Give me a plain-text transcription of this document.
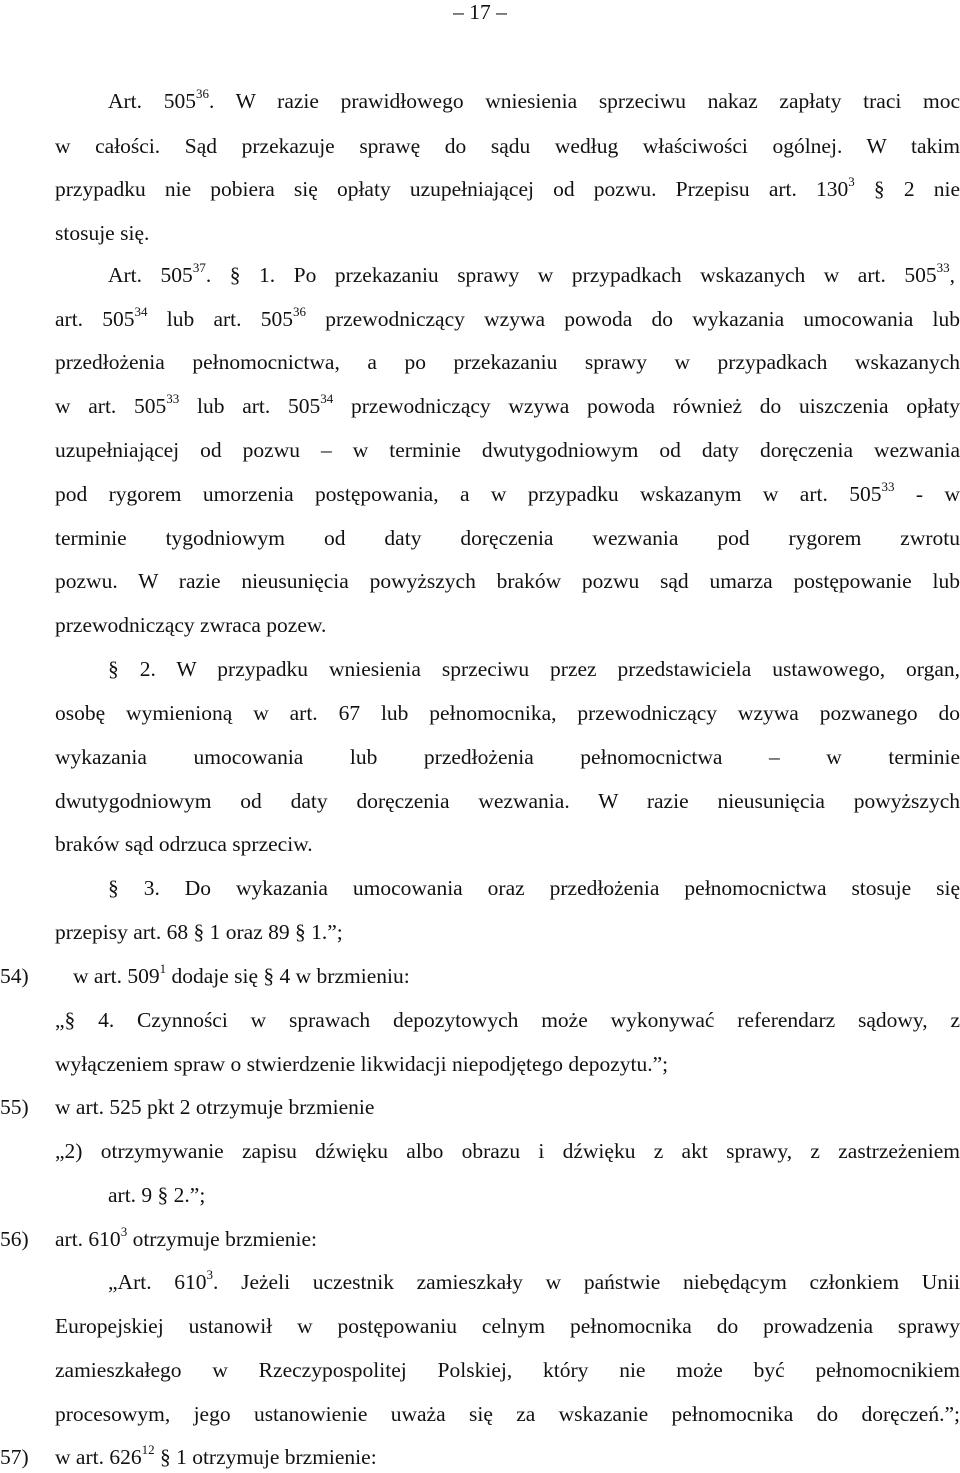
– 17 –
54)
55)
56)
57)
Art. $505^{36}$. W razie prawidłowego wniesienia sprzeciwu nakaz zapłaty traci moc
w całości. Sąd przekazuje sprawę do sądu według właściwości ogólnej. W takim
przypadku nie pobiera się opłaty uzupełniającej od pozwu. Przepisu art. $130^3$ § 2 nie
stosuje się.
Art. $505^{37}$. § 1. Po przekazaniu sprawy w przypadkach wskazanych w art. $505^{33}$,
art. $505^{34}$ lub art. $505^{36}$ przewodniczący wzywa powoda do wykazania umocowania lub
przedłożenia pełnomocnictwa, a po przekazaniu sprawy w przypadkach wskazanych
w art. $505^{33}$ lub art. $505^{34}$ przewodniczący wzywa powoda również do uiszczenia opłaty
uzupełniającej od pozwu – w terminie dwutygodniowym od daty doręczenia wezwania
pod rygorem umorzenia postępowania, a w przypadku wskazanym w art. $505^{33}$ - w
terminie tygodniowym od daty doręczenia wezwania pod rygorem zwrotu
pozwu. W razie nieusunięcia powyższych braków pozwu sąd umarza postępowanie lub
przewodniczący zwraca pozew.
§ 2. W przypadku wniesienia sprzeciwu przez przedstawiciela ustawowego, organ,
osobę wymienioną w art. 67 lub pełnomocnika, przewodniczący wzywa pozwanego do
wykazania umocowania lub przedłożenia pełnomocnictwa – w terminie
dwutygodniowym od daty doręczenia wezwania. W razie nieusunięcia powyższych
braków sąd odrzuca sprzeciw.
§ 3. Do wykazania umocowania oraz przedłożenia pełnomocnictwa stosuje się
przepisy art. 68 § 1 oraz 89 § 1.”;
w art. $509^1$ dodaje się § 4 w brzmieniu:
„§ 4. Czynności w sprawach depozytowych może wykonywać referendarz sądowy, z
wyłączeniem spraw o stwierdzenie likwidacji niepodjętego depozytu.”;
w art. 525 pkt 2 otrzymuje brzmienie
„2) otrzymywanie zapisu dźwięku albo obrazu i dźwięku z akt sprawy, z zastrzeżeniem
art. 9 § 2.”;
art. $610^3$ otrzymuje brzmienie:
„Art. $610^3$. Jeżeli uczestnik zamieszkały w państwie niebędącym członkiem Unii
Europejskiej ustanowił w postępowaniu celnym pełnomocnika do prowadzenia sprawy
zamieszkałego w Rzeczypospolitej Polskiej, który nie może być pełnomocnikiem
procesowym, jego ustanowienie uważa się za wskazanie pełnomocnika do doręczeń.”;
w art. $626^{12}$ § 1 otrzymuje brzmienie:
